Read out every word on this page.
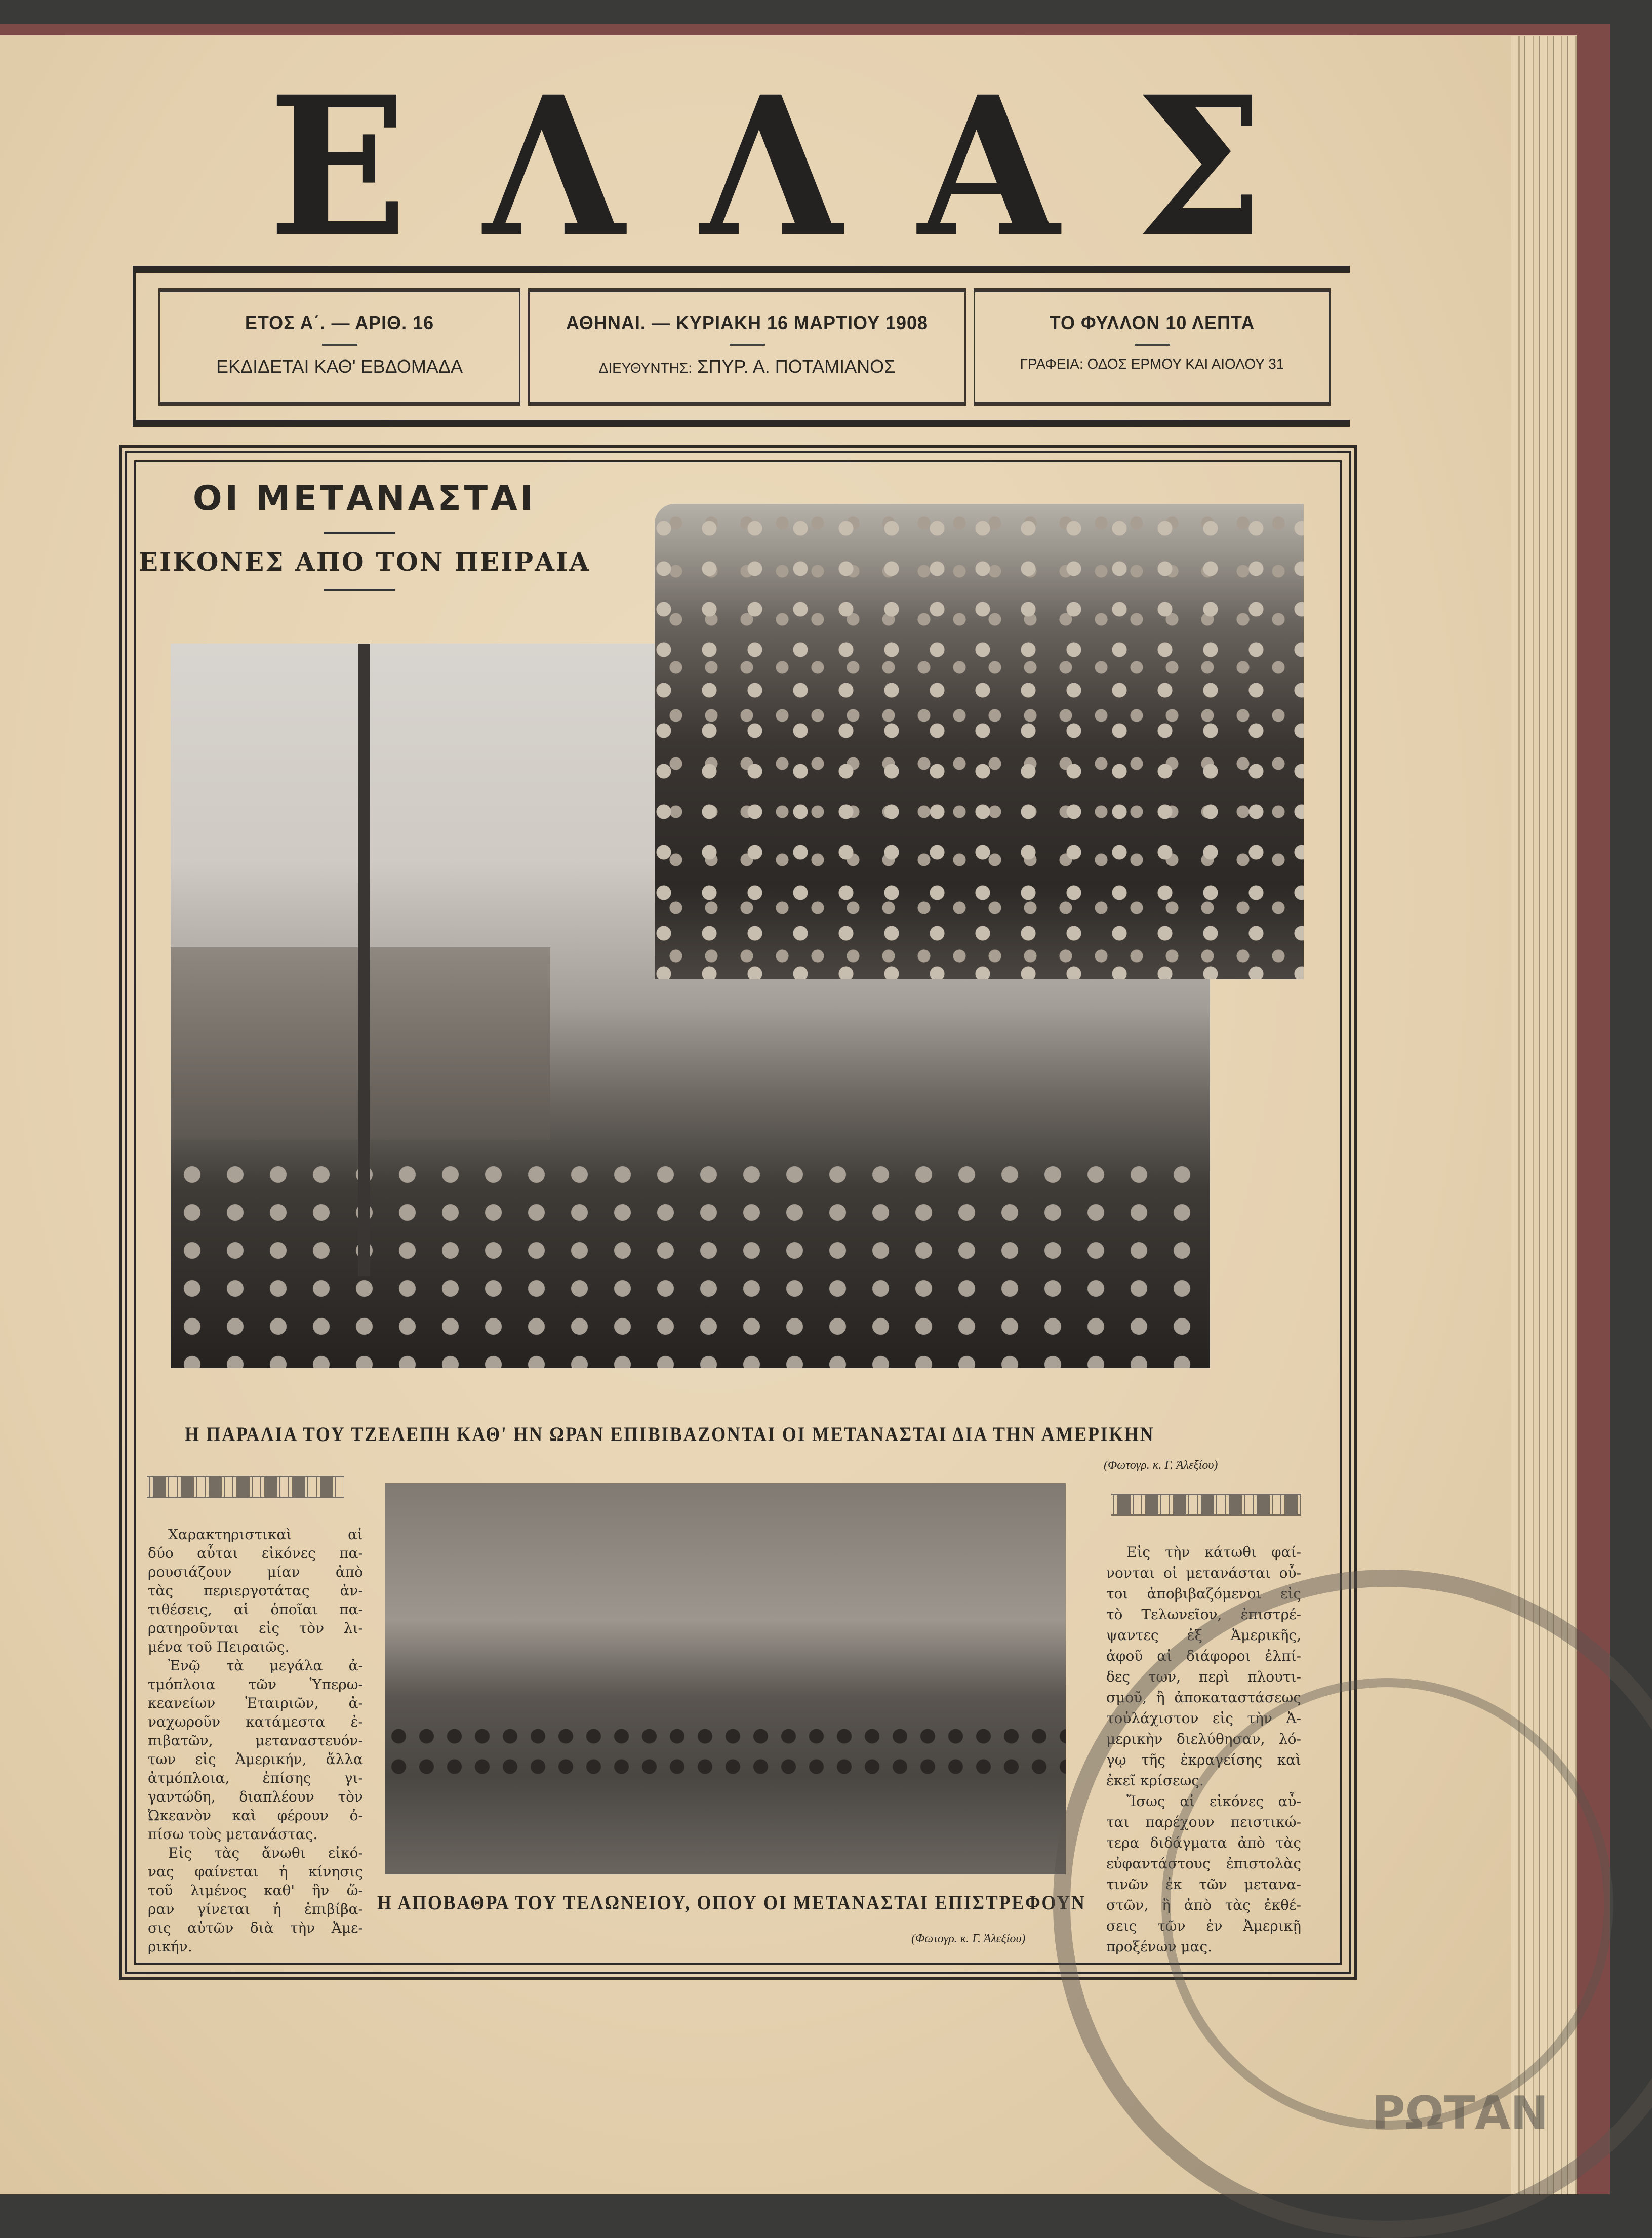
ΕΛΛΑΣ
ΕΤΟΣ Α΄. — ΑΡΙΘ. 16
ΕΚΔΙΔΕΤΑΙ ΚΑΘ' ΕΒΔΟΜΑΔΑ
ΑΘΗΝΑΙ. — ΚΥΡΙΑΚΗ 16 ΜΑΡΤΙΟΥ 1908
ΔΙΕΥΘΥΝΤΗΣ: ΣΠΥΡ. Α. ΠΟΤΑΜΙΑΝΟΣ
ΤΟ ΦΥΛΛΟΝ 10 ΛΕΠΤΑ
ΓΡΑΦΕΙΑ: ΟΔΟΣ ΕΡΜΟΥ ΚΑΙ ΑΙΟΛΟΥ 31
ΟΙ ΜΕΤΑΝΑΣΤΑΙ
ΕΙΚΟΝΕΣ ΑΠΟ ΤΟΝ ΠΕΙΡΑΙΑ
Η ΠΑΡΑΛΙΑ ΤΟΥ ΤΖΕΛΕΠΗ ΚΑΘ' ΗΝ ΩΡΑΝ ΕΠΙΒΙΒΑΖΟΝΤΑΙ ΟΙ ΜΕΤΑΝΑΣΤΑΙ ΔΙΑ ΤΗΝ ΑΜΕΡΙΚΗΝ
(Φωτογρ. κ. Γ. Ἀλεξίου)
Η ΑΠΟΒΑΘΡΑ ΤΟΥ ΤΕΛΩΝΕΙΟΥ, ΟΠΟΥ ΟΙ ΜΕΤΑΝΑΣΤΑΙ ΕΠΙΣΤΡΕΦΟΥΝ
(Φωτογρ. κ. Γ. Ἀλεξίου)
Χαρακτηριστικαὶ αἱ
δύο αὗται εἰκόνες πα-
ρουσιάζουν μίαν ἀπὸ
τὰς περιεργοτάτας ἀν-
τιθέσεις, αἱ ὁποῖαι πα-
ρατηροῦνται εἰς τὸν λι-
μένα τοῦ Πειραιῶς.
Ἐνῷ τὰ μεγάλα ἀ-
τμόπλοια τῶν Ὑπερω-
κεανείων Ἑταιριῶν, ἀ-
ναχωροῦν κατάμεστα ἐ-
πιβατῶν, μεταναστευόν-
των εἰς Ἀμερικήν, ἄλλα
ἀτμόπλοια, ἐπίσης γι-
γαντώδη, διαπλέουν τὸν
Ὠκεανὸν καὶ φέρουν ὀ-
πίσω τοὺς μετανάστας.
Εἰς τὰς ἄνωθι εἰκό-
νας φαίνεται ἡ κίνησις
τοῦ λιμένος καθ' ἣν ὥ-
ραν γίνεται ἡ ἐπιβίβα-
σις αὐτῶν διὰ τὴν Ἀμε-
ρικήν.
Εἰς τὴν κάτωθι φαί-
νονται οἱ μετανάσται οὗ-
τοι ἀποβιβαζόμενοι εἰς
τὸ Τελωνεῖον, ἐπιστρέ-
ψαντες ἐξ Ἀμερικῆς,
ἀφοῦ αἱ διάφοροι ἐλπί-
δες των, περὶ πλουτι-
σμοῦ, ἢ ἀποκαταστάσεως
τοὐλάχιστον εἰς τὴν Ἀ-
μερικὴν διελύθησαν, λό-
γῳ τῆς ἐκραγείσης καὶ
ἐκεῖ κρίσεως.
Ἴσως αἱ εἰκόνες αὖ-
ται παρέχουν πειστικώ-
τερα διδάγματα ἀπὸ τὰς
εὐφαντάστους ἐπιστολὰς
τινῶν ἐκ τῶν μετανα-
στῶν, ἢ ἀπὸ τὰς ἐκθέ-
σεις τῶν ἐν Ἀμερικῇ
προξένων μας.
ΡΩΤΑΝ
